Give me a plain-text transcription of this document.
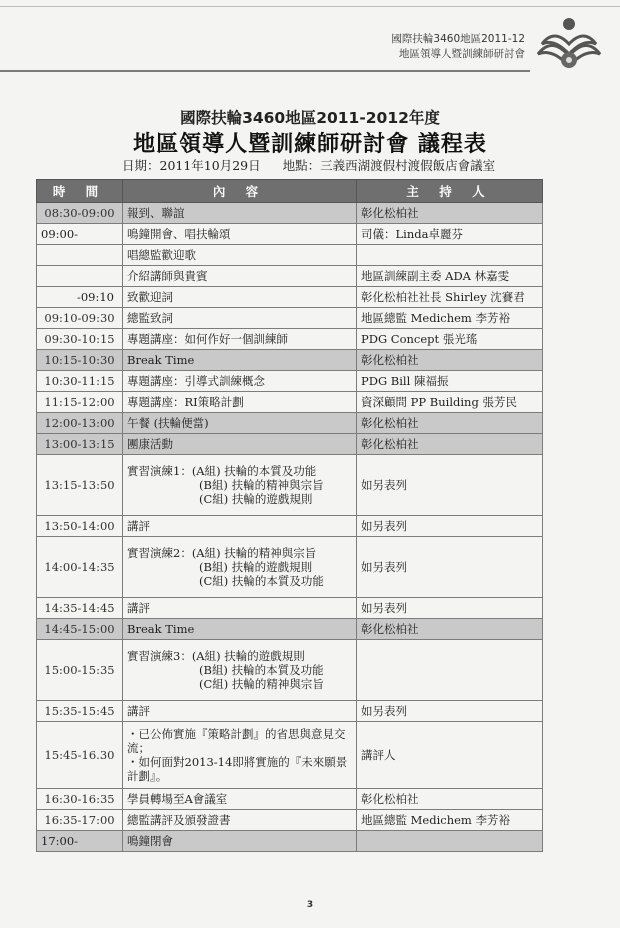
國際扶輪3460地區2011-12
地區領導人暨訓練師研討會
國際扶輪3460地區2011-2012年度
地區領導人暨訓練師研討會 議程表
日期：2011年10月29日 地點：三義西湖渡假村渡假飯店會議室
時 間	內 容	主 持 人
08:30-09:00	報到、聯誼	彰化松柏社
09:00-	鳴鐘開會、唱扶輪頌	司儀：Linda卓麗芬
	唱總監歡迎歌	
	介紹講師與貴賓	地區訓練副主委 ADA 林嘉雯
-09:10	致歡迎詞	彰化松柏社社長 Shirley 沈賽君
09:10-09:30	總監致詞	地區總監 Medichem 李芳裕
09:30-10:15	專題講座：如何作好一個訓練師	PDG Concept 張光瑤
10:15-10:30	Break Time	彰化松柏社
10:30-11:15	專題講座：引導式訓練概念	PDG Bill 陳福振
11:15-12:00	專題講座：RI策略計劃	資深顧問 PP Building 張芳民
12:00-13:00	午餐 (扶輪便當)	彰化松柏社
13:00-13:15	團康活動	彰化松柏社
13:15-13:50	實習演練1：(A組) 扶輪的本質及功能
(B組) 扶輪的精神與宗旨
(C組) 扶輪的遊戲規則	如另表列
13:50-14:00	講評	如另表列
14:00-14:35	實習演練2：(A組) 扶輪的精神與宗旨
(B組) 扶輪的遊戲規則
(C組) 扶輪的本質及功能	如另表列
14:35-14:45	講評	如另表列
14:45-15:00	Break Time	彰化松柏社
15:00-15:35	實習演練3：(A組) 扶輪的遊戲規則
(B組) 扶輪的本質及功能
(C組) 扶輪的精神與宗旨	

15:35-15:45	講評	如另表列
15:45-16.30	・已公佈實施『策略計劃』的省思與意見交流；
・如何面對2013-14即將實施的『未來願景計劃』。	講評人
16:30-16:35	學員轉場至A會議室	彰化松柏社
16:35-17:00	總監講評及頒發證書	地區總監 Medichem 李芳裕
17:00-	鳴鐘閉會	
3
